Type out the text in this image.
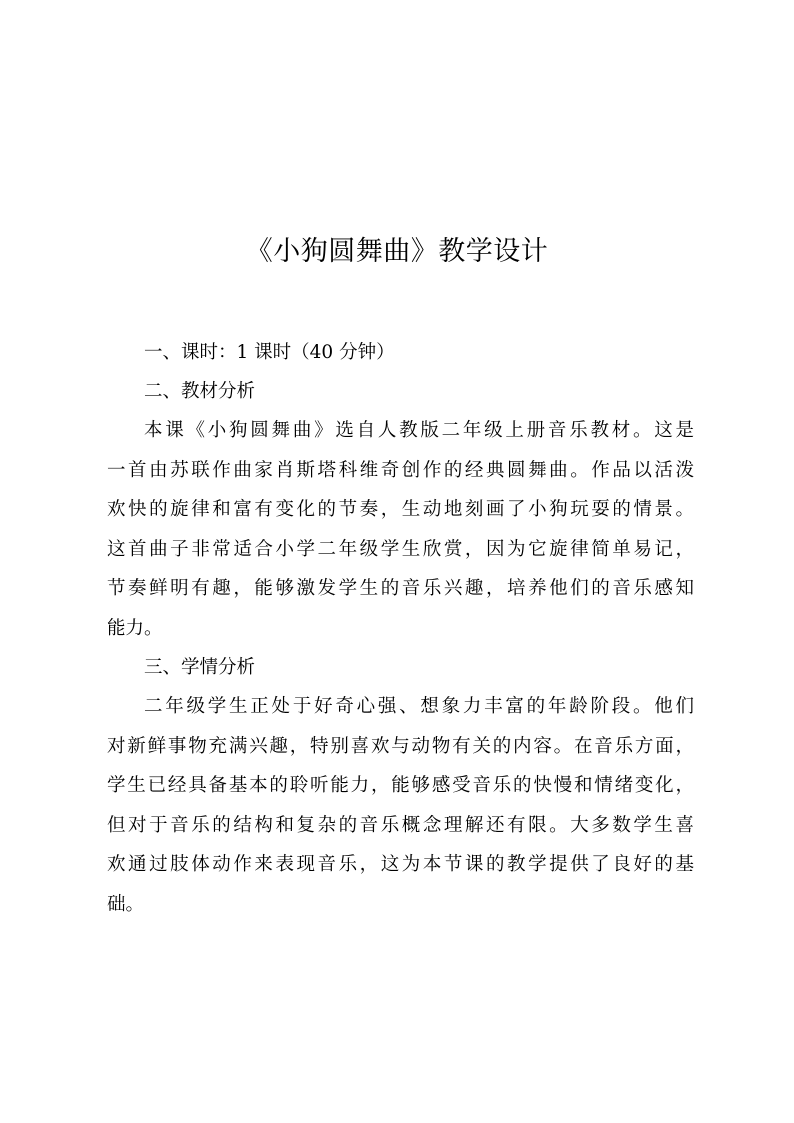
《小狗圆舞曲》教学设计
一、课时：1 课时（40 分钟）
二、教材分析
本课《小狗圆舞曲》选自人教版二年级上册音乐教材。这是
一首由苏联作曲家肖斯塔科维奇创作的经典圆舞曲。作品以活泼
欢快的旋律和富有变化的节奏，生动地刻画了小狗玩耍的情景。
这首曲子非常适合小学二年级学生欣赏，因为它旋律简单易记，
节奏鲜明有趣，能够激发学生的音乐兴趣，培养他们的音乐感知
能力。
三、学情分析
二年级学生正处于好奇心强、想象力丰富的年龄阶段。他们
对新鲜事物充满兴趣，特别喜欢与动物有关的内容。在音乐方面，
学生已经具备基本的聆听能力，能够感受音乐的快慢和情绪变化，
但对于音乐的结构和复杂的音乐概念理解还有限。大多数学生喜
欢通过肢体动作来表现音乐，这为本节课的教学提供了良好的基
础。
